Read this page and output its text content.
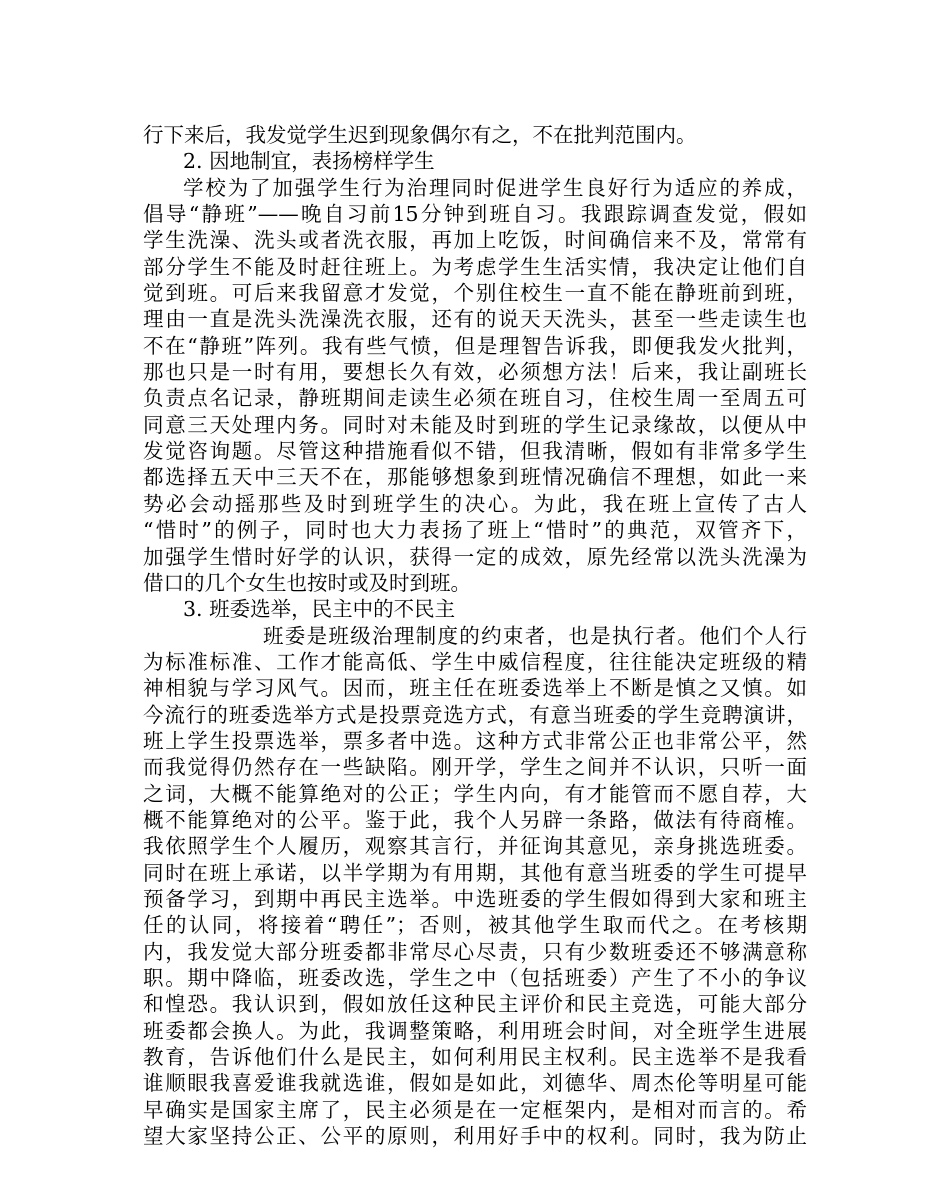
行下来后，我发觉学生迟到现象偶尔有之，不在批判范围内。
2. 因地制宜，表扬榜样学生
学校为了加强学生行为治理同时促进学生良好行为适应的养成，
倡导“静班”——晚自习前15分钟到班自习。我跟踪调查发觉，假如
学生洗澡、洗头或者洗衣服，再加上吃饭，时间确信来不及，常常有
部分学生不能及时赶往班上。为考虑学生生活实情，我决定让他们自
觉到班。可后来我留意才发觉，个别住校生一直不能在静班前到班，
理由一直是洗头洗澡洗衣服，还有的说天天洗头，甚至一些走读生也
不在“静班”阵列。我有些气愤，但是理智告诉我，即便我发火批判，
那也只是一时有用，要想长久有效，必须想方法！后来，我让副班长
负责点名记录，静班期间走读生必须在班自习，住校生周一至周五可
同意三天处理内务。同时对未能及时到班的学生记录缘故，以便从中
发觉咨询题。尽管这种措施看似不错，但我清晰，假如有非常多学生
都选择五天中三天不在，那能够想象到班情况确信不理想，如此一来
势必会动摇那些及时到班学生的决心。为此，我在班上宣传了古人
“惜时”的例子，同时也大力表扬了班上“惜时”的典范，双管齐下，
加强学生惜时好学的认识，获得一定的成效，原先经常以洗头洗澡为
借口的几个女生也按时或及时到班。
3. 班委选举，民主中的不民主
班委是班级治理制度的约束者，也是执行者。他们个人行
为标准标准、工作才能高低、学生中威信程度，往往能决定班级的精
神相貌与学习风气。因而，班主任在班委选举上不断是慎之又慎。如
今流行的班委选举方式是投票竞选方式，有意当班委的学生竞聘演讲，
班上学生投票选举，票多者中选。这种方式非常公正也非常公平，然
而我觉得仍然存在一些缺陷。刚开学，学生之间并不认识，只听一面
之词，大概不能算绝对的公正；学生内向，有才能管而不愿自荐，大
概不能算绝对的公平。鉴于此，我个人另辟一条路，做法有待商榷。
我依照学生个人履历，观察其言行，并征询其意见，亲身挑选班委。
同时在班上承诺，以半学期为有用期，其他有意当班委的学生可提早
预备学习，到期中再民主选举。中选班委的学生假如得到大家和班主
任的认同，将接着“聘任”；否则，被其他学生取而代之。在考核期
内，我发觉大部分班委都非常尽心尽责，只有少数班委还不够满意称
职。期中降临，班委改选，学生之中（包括班委）产生了不小的争议
和惶恐。我认识到，假如放任这种民主评价和民主竞选，可能大部分
班委都会换人。为此，我调整策略，利用班会时间，对全班学生进展
教育，告诉他们什么是民主，如何利用民主权利。民主选举不是我看
谁顺眼我喜爱谁我就选谁，假如是如此，刘德华、周杰伦等明星可能
早确实是国家主席了，民主必须是在一定框架内，是相对而言的。希
望大家坚持公正、公平的原则，利用好手中的权利。同时，我为防止
